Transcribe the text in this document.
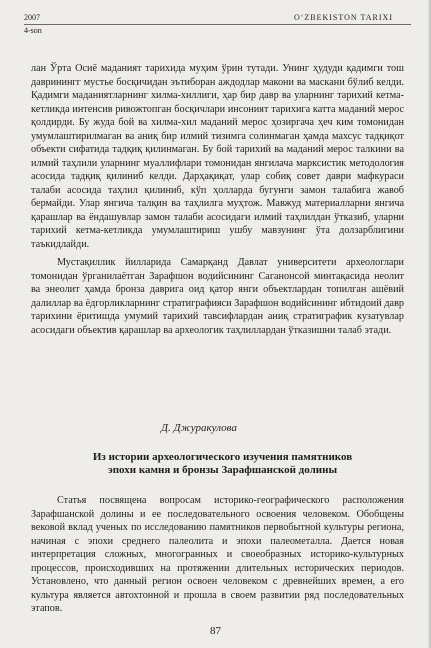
2007	O‘ZBEKISTON TARIXI
4-son

лан Ўрта Осиё маданият тарихида муҳим ўрин тутади. Унинг ҳудуди қадимги тош давринингг мустье босқичидан эътиборан аждодлар макони ва маскани бўлиб келди. Қадимги маданиятларнинг хилма-хиллиги, ҳар бир давр ва уларнинг тарихий кетма-кетликда интенсив ривожтопган босқичлари инсоният тарихига катта маданий мерос қолдирди. Бу жуда бой ва хилма-хил маданий мерос ҳозиргача ҳеч ким томонидан умумлаштирилмаган ва аниқ бир илмий тизимга солинмаган ҳамда махсус тадқиқот объекти сифатида тадқиқ қилинмаган. Бу бой тарихий ва маданий мерос талкини ва илмий таҳлили уларнинг муаллифлари томонидан янгилача марксистик методология асосида тадқиқ қилиниб келди. Дарҳақиқат, улар собиқ совет даври мафкураси талаби асосида таҳлил қилиниб, кўп ҳолларда бугунги замон талабига жавоб бермайди. Улар янгича талқин ва таҳлилга муҳтож. Мавжуд материалларни янгича қарашлар ва ёндашувлар замон талаби асосидаги илмий таҳлилдан ўтказиб, уларни тарихий кетма-кетликда умумлаштириш ушбу мавзунинг ўта долзарблигини таъкидлайди.

Мустақиллик йилларида Самарқанд Давлат университети археологлари томонидан ўрганилаётган Зарафшон водийсининг Саганонсой минтақасида неолит ва энеолит ҳамда бронза даврига оид қатор янги объектлардан топилган ашёвий далиллар ва ёдгорликларнинг стратиграфияси Зарафшон водийсининг ибтидоий давр тарихини ёритишда умумий тарихий тавсифлардан аниқ стратиграфик кузатувлар асосидаги объектив қарашлар ва археологик таҳлиллардан ўтказишни талаб этади.

Д. Джуракулова
Из истории археологического изучения памятников эпохи камня и бронзы Зарафшанской долины

Статья посвящена вопросам историко-географического расположения Зарафшанской долины и ее последовательного освоения человеком. Обобщены вековой вклад ученых по исследованию памятников первобытной культуры региона, начиная с эпохи среднего палеолита и эпохи палеометалла. Дается новая интерпретация сложных, многогранных и своеобразных историко-культурных процессов, происходивших на протяжении длительных исторических периодов. Установлено, что данный регион освоен человеком с древнейших времен, а его культура является автохтонной и прошла в своем развитии ряд последовательных этапов.

87
